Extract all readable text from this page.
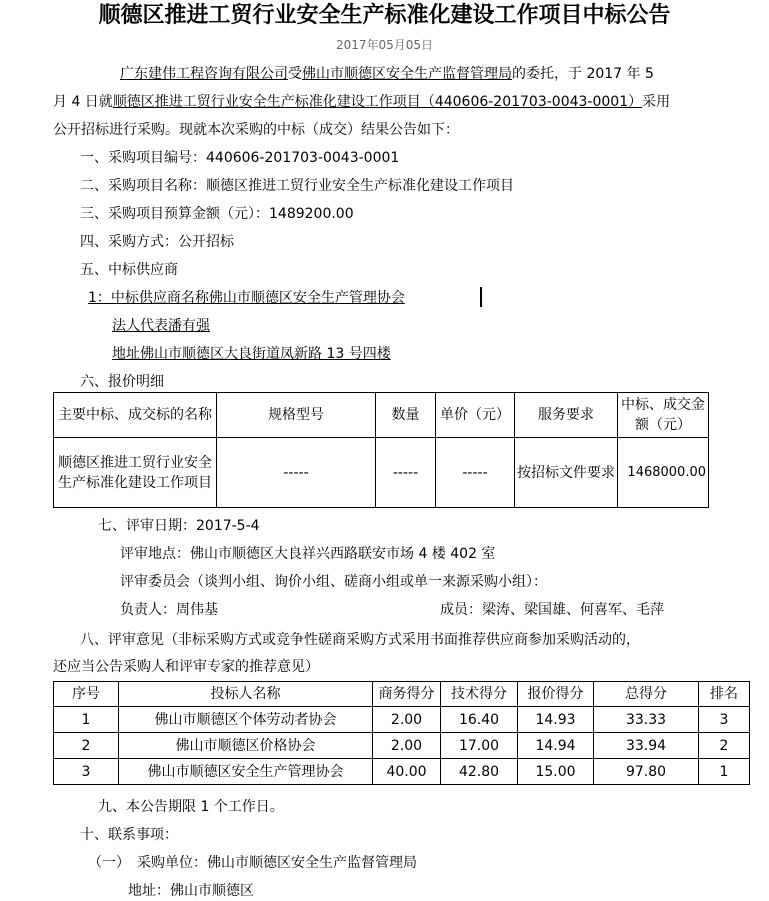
顺德区推进工贸行业安全生产标准化建设工作项目中标公告
2017年05月05日
广东建伟工程咨询有限公司受佛山市顺德区安全生产监督管理局的委托，于 2017 年 5
月 4 日就顺德区推进工贸行业安全生产标准化建设工作项目（440606-201703-0043-0001）采用
公开招标进行采购。现就本次采购的中标（成交）结果公告如下：
一、采购项目编号：440606-201703-0043-0001
二、采购项目名称：顺德区推进工贸行业安全生产标准化建设工作项目
三、采购项目预算金额（元）：1489200.00
四、采购方式：公开招标
五、中标供应商
1：中标供应商名称佛山市顺德区安全生产管理协会
法人代表潘有强
地址佛山市顺德区大良街道凤新路 13 号四楼
六、报价明细
主要中标、成交标的名称	规格型号	数量	单价（元）	服务要求	中标、成交金额（元）
顺德区推进工贸行业安全生产标准化建设工作项目	-----	-----	-----	按招标文件要求	1468000.00
七、评审日期：2017-5-4
评审地点：佛山市顺德区大良祥兴西路联安市场 4 楼 402 室
评审委员会（谈判小组、询价小组、磋商小组或单一来源采购小组）：
负责人：周伟基	成员：梁涛、梁国雄、何喜军、毛萍
八、评审意见（非标采购方式或竞争性磋商采购方式采用书面推荐供应商参加采购活动的，
还应当公告采购人和评审专家的推荐意见）
序号	投标人名称	商务得分	技术得分	报价得分	总得分	排名
1	佛山市顺德区个体劳动者协会	2.00	16.40	14.93	33.33	3
2	佛山市顺德区价格协会	2.00	17.00	14.94	33.94	2
3	佛山市顺德区安全生产管理协会	40.00	42.80	15.00	97.80	1
九、本公告期限 1 个工作日。
十、联系事项：
（一）　采购单位：佛山市顺德区安全生产监督管理局
地址：佛山市顺德区
